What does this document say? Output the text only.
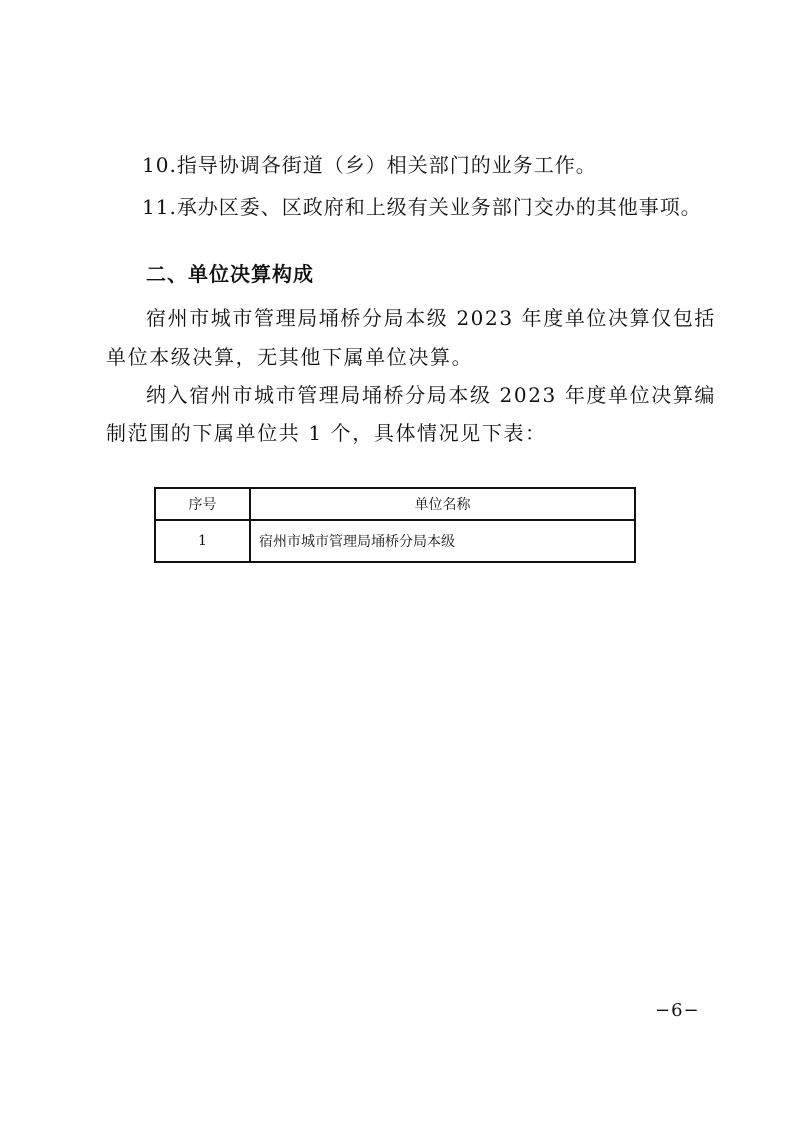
10.指导协调各街道（乡）相关部门的业务工作。
11.承办区委、区政府和上级有关业务部门交办的其他事项。
二、单位决算构成
宿州市城市管理局埇桥分局本级 2023 年度单位决算仅包括
单位本级决算，无其他下属单位决算。
纳入宿州市城市管理局埇桥分局本级 2023 年度单位决算编
制范围的下属单位共 1 个，具体情况见下表：
序号	单位名称
1	宿州市城市管理局埇桥分局本级
−6−
